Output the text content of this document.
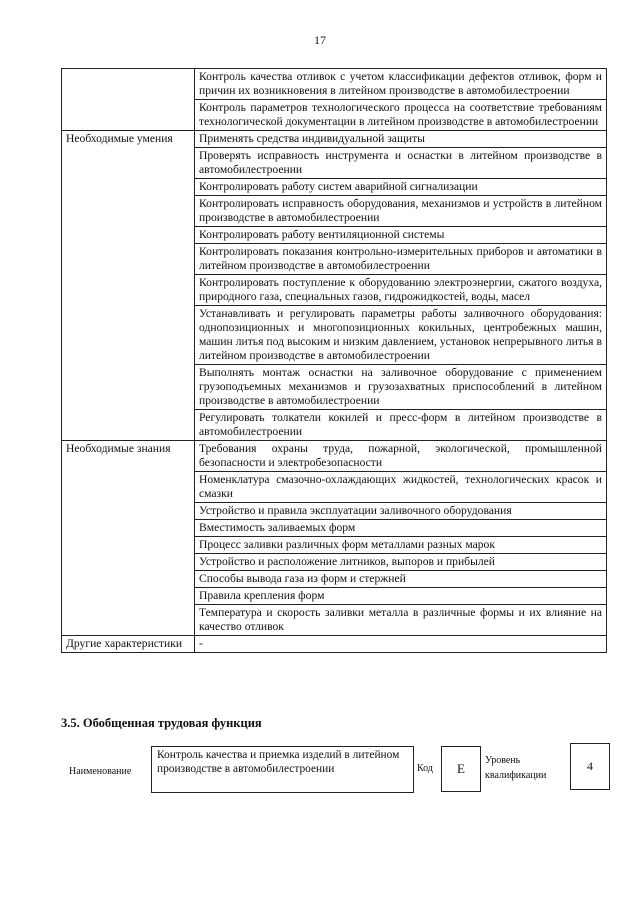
17
	Контроль качества отливок с учетом классификации дефектов отливок, форм и причин их возникновения в литейном производстве в автомобилестроении
	Контроль параметров технологического процесса на соответствие требованиям технологической документации в литейном производстве в автомобилестроении
Необходимые умения	Применять средства индивидуальной защиты
	Проверять исправность инструмента и оснастки в литейном производстве в автомобилестроении
	Контролировать работу систем аварийной сигнализации
	Контролировать исправность оборудования, механизмов и устройств в литейном производстве в автомобилестроении
	Контролировать работу вентиляционной системы
	Контролировать показания контрольно-измерительных приборов и автоматики в литейном производстве в автомобилестроении
	Контролировать поступление к оборудованию электроэнергии, сжатого воздуха, природного газа, специальных газов, гидрожидкостей, воды, масел
	Устанавливать и регулировать параметры работы заливочного оборудования: однопозиционных и многопозиционных кокильных, центробежных машин, машин литья под высоким и низким давлением, установок непрерывного литья в литейном производстве в автомобилестроении
	Выполнять монтаж оснастки на заливочное оборудование с применением грузоподъемных механизмов и грузозахватных приспособлений в литейном производстве в автомобилестроении
	Регулировать толкатели кокилей и пресс-форм в литейном производстве в автомобилестроении
Необходимые знания	Требования охраны труда, пожарной, экологической, промышленной безопасности и электробезопасности
	Номенклатура смазочно-охлаждающих жидкостей, технологических красок и смазки
	Устройство и правила эксплуатации заливочного оборудования
	Вместимость заливаемых форм
	Процесс заливки различных форм металлами разных марок
	Устройство и расположение литников, выпоров и прибылей
	Способы вывода газа из форм и стержней
	Правила крепления форм
	Температура и скорость заливки металла в различные формы и их влияние на качество отливок
Другие характеристики	-
3.5. Обобщенная трудовая функция
Наименование
Контроль качества и приемка изделий в литейном производстве в автомобилестроении	Код	E
Уровень квалификации
4
